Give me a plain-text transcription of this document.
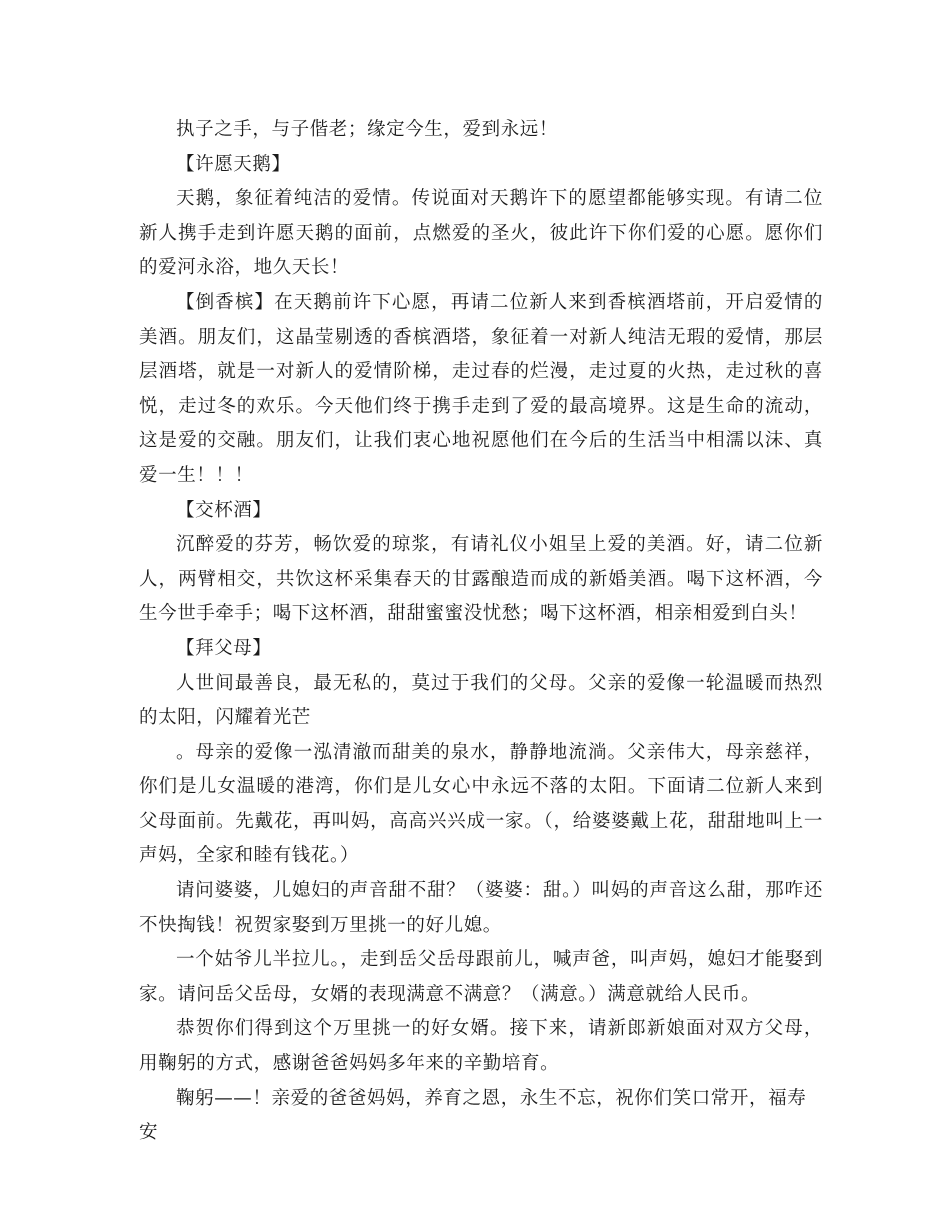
执子之手，与子偕老；缘定今生，爱到永远！

【许愿天鹅】

天鹅，象征着纯洁的爱情。传说面对天鹅许下的愿望都能够实现。有请二位新人携手走到许愿天鹅的面前，点燃爱的圣火，彼此许下你们爱的心愿。愿你们的爱河永浴，地久天长！

【倒香槟】在天鹅前许下心愿，再请二位新人来到香槟酒塔前，开启爱情的美酒。朋友们，这晶莹剔透的香槟酒塔，象征着一对新人纯洁无瑕的爱情，那层层酒塔，就是一对新人的爱情阶梯，走过春的烂漫，走过夏的火热，走过秋的喜悦，走过冬的欢乐。今天他们终于携手走到了爱的最高境界。这是生命的流动，这是爱的交融。朋友们，让我们衷心地祝愿他们在今后的生活当中相濡以沫、真爱一生！！！

【交杯酒】

沉醉爱的芬芳，畅饮爱的琼浆，有请礼仪小姐呈上爱的美酒。好，请二位新人，两臂相交，共饮这杯采集春天的甘露酿造而成的新婚美酒。喝下这杯酒，今生今世手牵手；喝下这杯酒，甜甜蜜蜜没忧愁；喝下这杯酒，相亲相爱到白头！

【拜父母】

人世间最善良，最无私的，莫过于我们的父母。父亲的爱像一轮温暖而热烈的太阳，闪耀着光芒

。母亲的爱像一泓清澈而甜美的泉水，静静地流淌。父亲伟大，母亲慈祥，你们是儿女温暖的港湾，你们是儿女心中永远不落的太阳。下面请二位新人来到父母面前。先戴花，再叫妈，高高兴兴成一家。（，给婆婆戴上花，甜甜地叫上一声妈，全家和睦有钱花。）

请问婆婆，儿媳妇的声音甜不甜？（婆婆：甜。）叫妈的声音这么甜，那咋还不快掏钱！祝贺家娶到万里挑一的好儿媳。

一个姑爷儿半拉儿。，走到岳父岳母跟前儿，喊声爸，叫声妈，媳妇才能娶到家。请问岳父岳母，女婿的表现满意不满意？（满意。）满意就给人民币。

恭贺你们得到这个万里挑一的好女婿。接下来，请新郎新娘面对双方父母，用鞠躬的方式，感谢爸爸妈妈多年来的辛勤培育。

鞠躬——！亲爱的爸爸妈妈，养育之恩，永生不忘，祝你们笑口常开，福寿安
